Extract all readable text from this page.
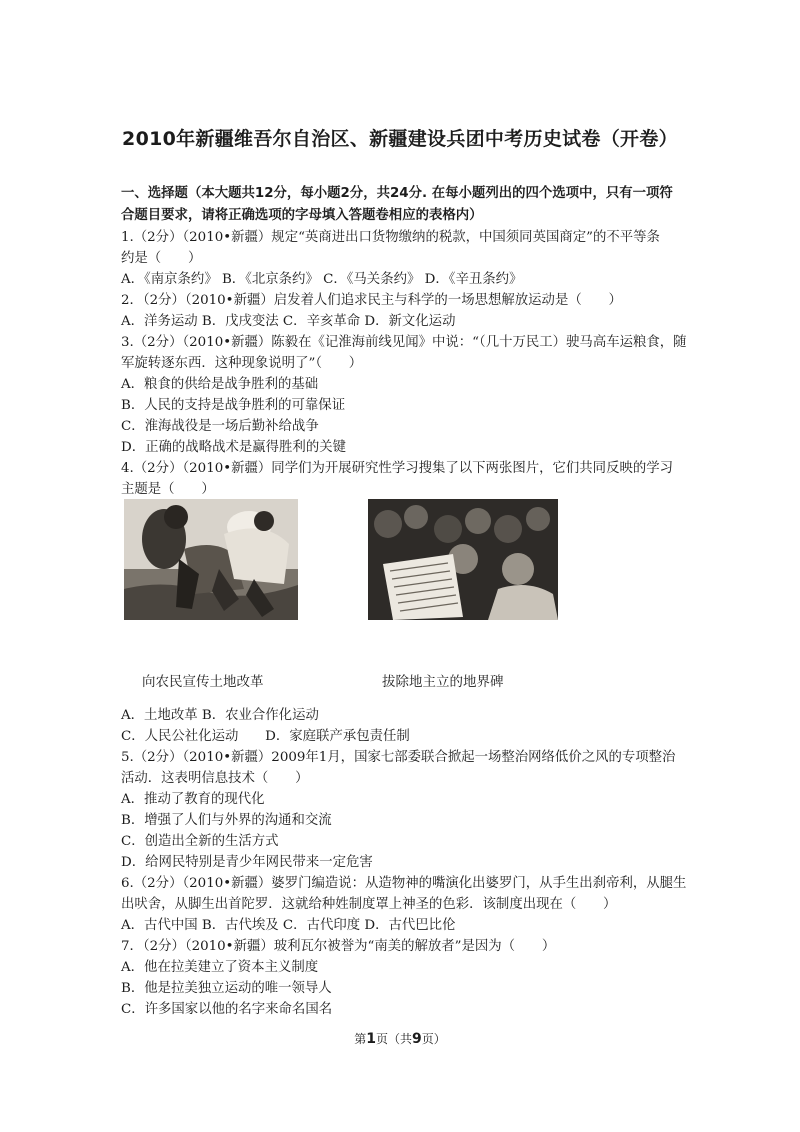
2010年新疆维吾尔自治区、新疆建设兵团中考历史试卷（开卷）
一、选择题（本大题共12分，每小题2分，共24分. 在每小题列出的四个选项中，只有一项符
合题目要求，请将正确选项的字母填入答题卷相应的表格内）
1.（2分）（2010•新疆）规定“英商进出口货物缴纳的税款，中国须同英国商定”的不平等条
约是（　　）
A．《南京条约》 B．《北京条约》 C．《马关条约》 D．《辛丑条约》
2．（2分）（2010•新疆）启发着人们追求民主与科学的一场思想解放运动是（　　）
A．洋务运动 B．戊戌变法 C．辛亥革命 D．新文化运动
3.（2分）（2010•新疆）陈毅在《记淮海前线见闻》中说：“（几十万民工）驶马高车运粮食，随
军旋转逐东西．这种现象说明了”（　　）
A．粮食的供给是战争胜利的基础
B．人民的支持是战争胜利的可靠保证
C．淮海战役是一场后勤补给战争
D．正确的战略战术是赢得胜利的关键
4.（2分）（2010•新疆）同学们为开展研究性学习搜集了以下两张图片，它们共同反映的学习
主题是（　　）
向农民宣传土地改革	拔除地主立的地界碑
A．土地改革 B．农业合作化运动
C．人民公社化运动　　D．家庭联产承包责任制
5.（2分）（2010•新疆）2009年1月，国家七部委联合掀起一场整治网络低价之风的专项整治
活动．这表明信息技术（　　）
A．推动了教育的现代化
B．增强了人们与外界的沟通和交流
C．创造出全新的生活方式
D．给网民特别是青少年网民带来一定危害
6.（2分）（2010•新疆）婆罗门编造说：从造物神的嘴演化出婆罗门，从手生出刹帝利，从腿生
出吠舍，从脚生出首陀罗．这就给种姓制度罩上神圣的色彩．该制度出现在（　　）
A．古代中国 B．古代埃及 C．古代印度 D．古代巴比伦
7．（2分）（2010•新疆）玻利瓦尔被誉为“南美的解放者”是因为（　　）
A．他在拉美建立了资本主义制度
B．他是拉美独立运动的唯一领导人
C．许多国家以他的名字来命名国名
第1页（共9页）
